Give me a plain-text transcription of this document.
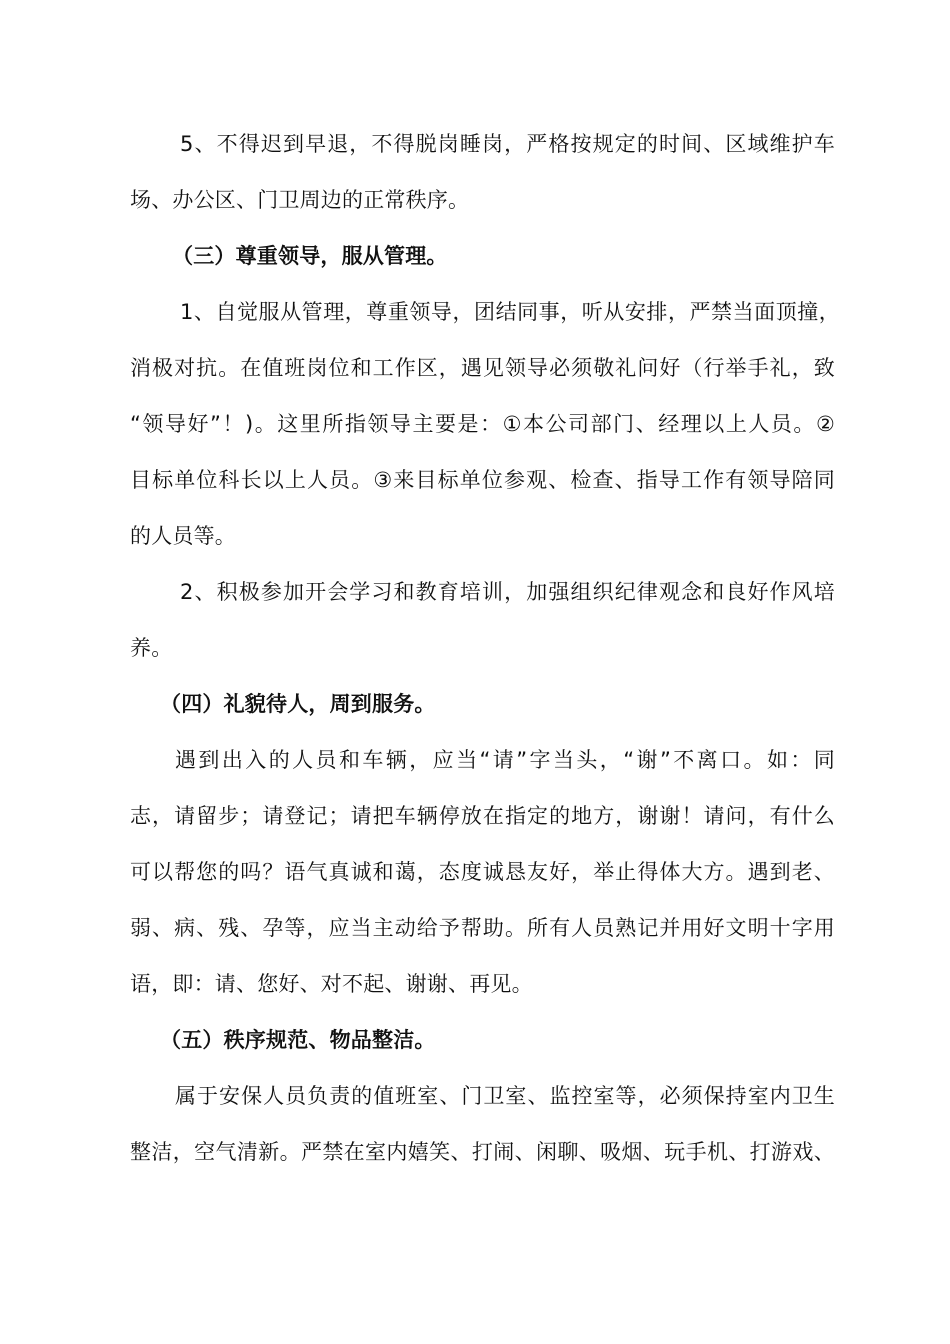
5、不得迟到早退，不得脱岗睡岗，严格按规定的时间、区域维护车
场、办公区、门卫周边的正常秩序。
（三）尊重领导，服从管理。
1、自觉服从管理，尊重领导，团结同事，听从安排，严禁当面顶撞，
消极对抗。在值班岗位和工作区，遇见领导必须敬礼问好（行举手礼，致
“领导好”！)。这里所指领导主要是：①本公司部门、经理以上人员。②
目标单位科长以上人员。③来目标单位参观、检查、指导工作有领导陪同
的人员等。
2、积极参加开会学习和教育培训，加强组织纪律观念和良好作风培
养。
（四）礼貌待人，周到服务。
遇到出入的人员和车辆，应当“请”字当头，“谢”不离口。如：同
志，请留步；请登记；请把车辆停放在指定的地方，谢谢！请问，有什么
可以帮您的吗？语气真诚和蔼，态度诚恳友好，举止得体大方。遇到老、
弱、病、残、孕等，应当主动给予帮助。所有人员熟记并用好文明十字用
语，即：请、您好、对不起、谢谢、再见。
（五）秩序规范、物品整洁。
属于安保人员负责的值班室、门卫室、监控室等，必须保持室内卫生
整洁，空气清新。严禁在室内嬉笑、打闹、闲聊、吸烟、玩手机、打游戏、
